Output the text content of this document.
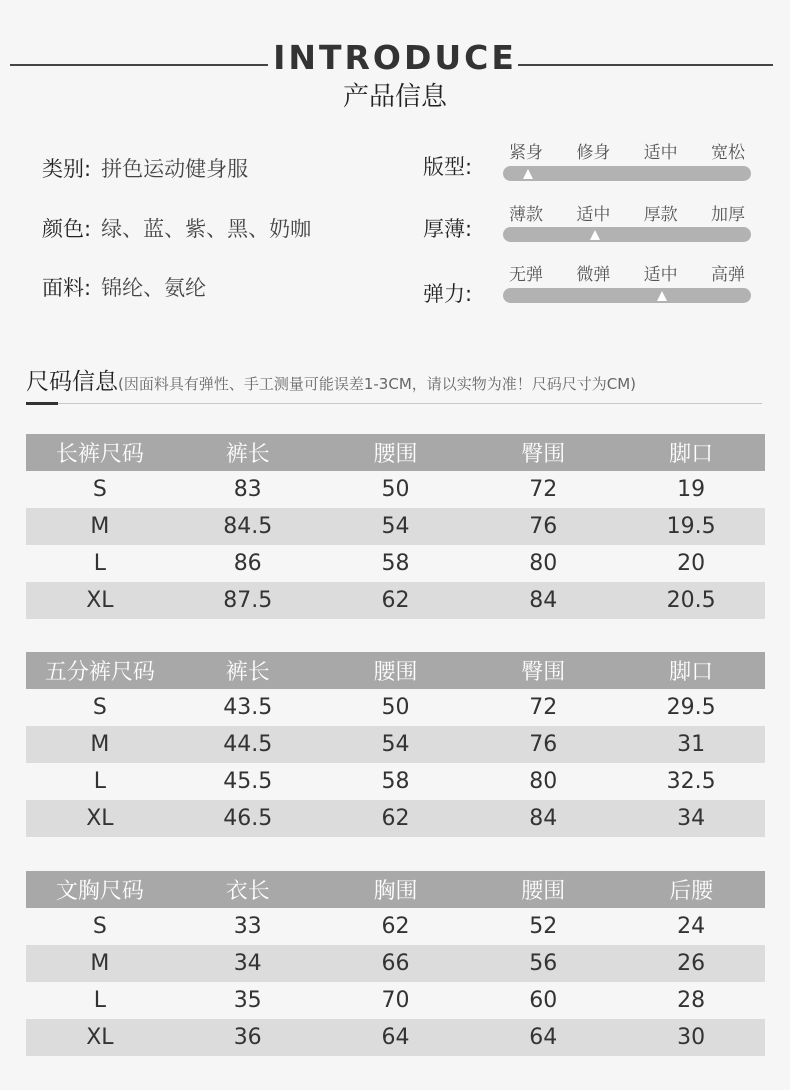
INTRODUCE
产品信息
类别: 拼色运动健身服
颜色: 绿、蓝、紫、黑、奶咖
面料: 锦纶、氨纶
版型:
紧身 修身 适中 宽松
厚薄:
薄款 适中 厚款 加厚
弹力:
无弹 微弹 适中 高弹
尺码信息(因面料具有弹性、手工测量可能误差1-3CM，请以实物为准！尺码尺寸为CM)
长裤尺码	裤长	腰围	臀围	脚口
S	83	50	72	19
M	84.5	54	76	19.5
L	86	58	80	20
XL	87.5	62	84	20.5
五分裤尺码	裤长	腰围	臀围	脚口
S	43.5	50	72	29.5
M	44.5	54	76	31
L	45.5	58	80	32.5
XL	46.5	62	84	34
文胸尺码	衣长	胸围	腰围	后腰
S	33	62	52	24
M	34	66	56	26
L	35	70	60	28
XL	36	64	64	30
